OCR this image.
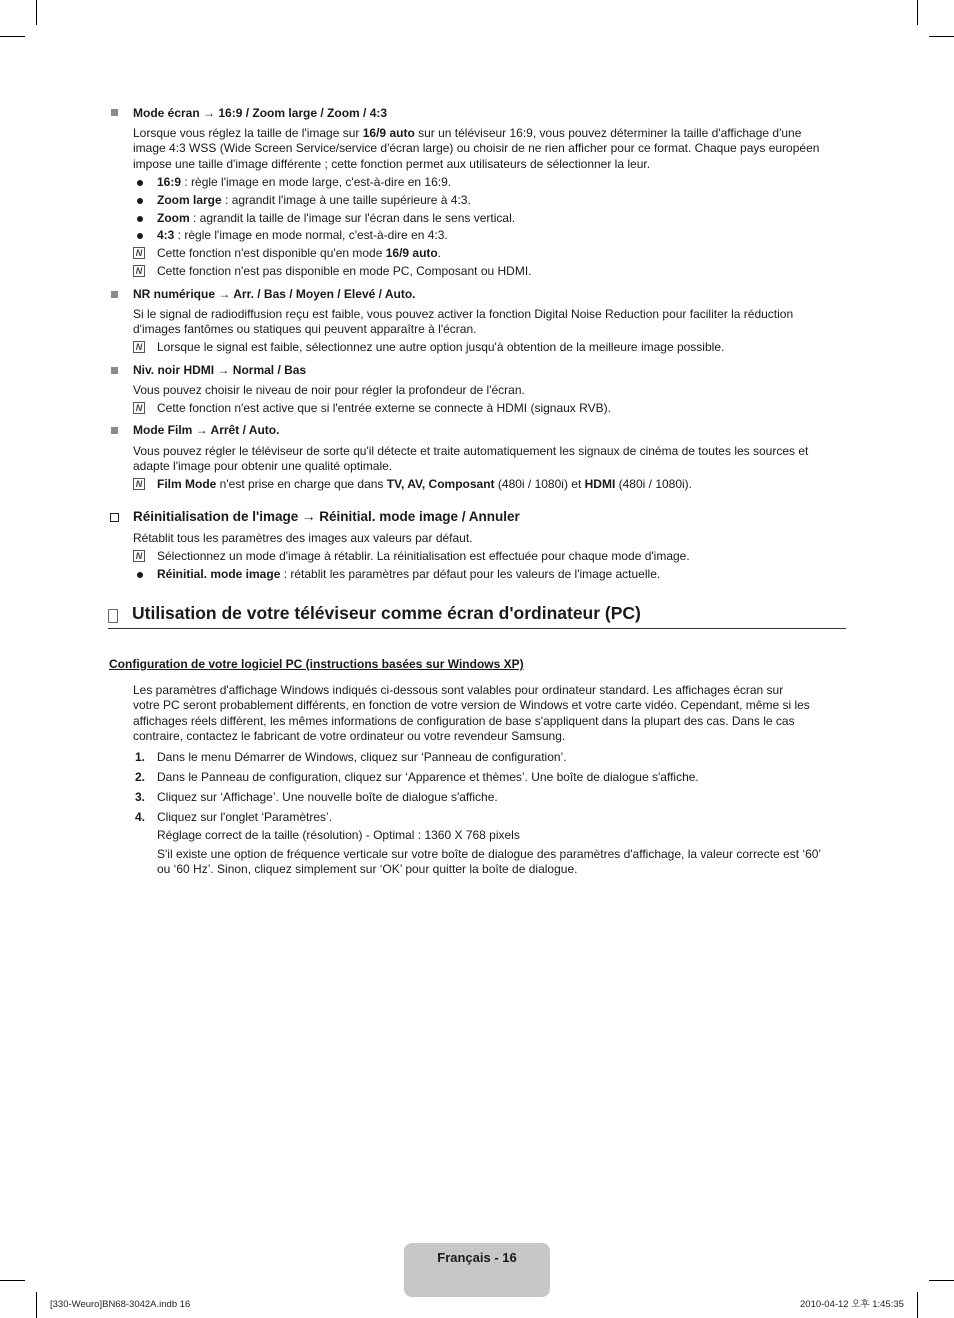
Mode écran → 16:9 / Zoom large / Zoom / 4:3
Lorsque vous réglez la taille de l'image sur 16/9 auto sur un téléviseur 16:9, vous pouvez déterminer la taille d'affichage d'une
image 4:3 WSS (Wide Screen Service/service d'écran large) ou choisir de ne rien afficher pour ce format. Chaque pays européen
impose une taille d'image différente ; cette fonction permet aux utilisateurs de sélectionner la leur.
16:9 : règle l'image en mode large, c'est-à-dire en 16:9.
Zoom large : agrandit l'image à une taille supérieure à 4:3.
Zoom : agrandit la taille de l'image sur l'écran dans le sens vertical.
4:3 : règle l'image en mode normal, c'est-à-dire en 4:3.
N Cette fonction n'est disponible qu'en mode 16/9 auto.
N Cette fonction n'est pas disponible en mode PC, Composant ou HDMI.
NR numérique → Arr. / Bas / Moyen / Elevé / Auto.
Si le signal de radiodiffusion reçu est faible, vous pouvez activer la fonction Digital Noise Reduction pour faciliter la réduction
d'images fantômes ou statiques qui peuvent apparaître à l'écran.
N Lorsque le signal est faible, sélectionnez une autre option jusqu'à obtention de la meilleure image possible.
Niv. noir HDMI → Normal / Bas
Vous pouvez choisir le niveau de noir pour régler la profondeur de l'écran.
N Cette fonction n'est active que si l'entrée externe se connecte à HDMI (signaux RVB).
Mode Film → Arrêt / Auto.
Vous pouvez régler le téléviseur de sorte qu'il détecte et traite automatiquement les signaux de cinéma de toutes les sources et
adapte l'image pour obtenir une qualité optimale.
N Film Mode n'est prise en charge que dans TV, AV, Composant (480i / 1080i) et HDMI (480i / 1080i).
Réinitialisation de l'image → Réinitial. mode image / Annuler
Rétablit tous les paramètres des images aux valeurs par défaut.
N Sélectionnez un mode d'image à rétablir. La réinitialisation est effectuée pour chaque mode d'image.
Réinitial. mode image : rétablit les paramètres par défaut pour les valeurs de l'image actuelle.
Utilisation de votre téléviseur comme écran d'ordinateur (PC)
Configuration de votre logiciel PC (instructions basées sur Windows XP)
Les paramètres d'affichage Windows indiqués ci-dessous sont valables pour ordinateur standard. Les affichages écran sur
votre PC seront probablement différents, en fonction de votre version de Windows et votre carte vidéo. Cependant, même si les
affichages réels diffèrent, les mêmes informations de configuration de base s'appliquent dans la plupart des cas. Dans le cas
contraire, contactez le fabricant de votre ordinateur ou votre revendeur Samsung.
1. Dans le menu Démarrer de Windows, cliquez sur ‘Panneau de configuration’.
2. Dans le Panneau de configuration, cliquez sur ‘Apparence et thèmes’. Une boîte de dialogue s'affiche.
3. Cliquez sur ‘Affichage’. Une nouvelle boîte de dialogue s'affiche.
4. Cliquez sur l'onglet ‘Paramètres’.
Réglage correct de la taille (résolution) - Optimal : 1360 X 768 pixels
S'il existe une option de fréquence verticale sur votre boîte de dialogue des paramètres d'affichage, la valeur correcte est ‘60’
ou ‘60 Hz’. Sinon, cliquez simplement sur ‘OK’ pour quitter la boîte de dialogue.
Français - 16
[330-Weuro]BN68-3042A.indb 16	2010-04-12 오후 1:45:35
